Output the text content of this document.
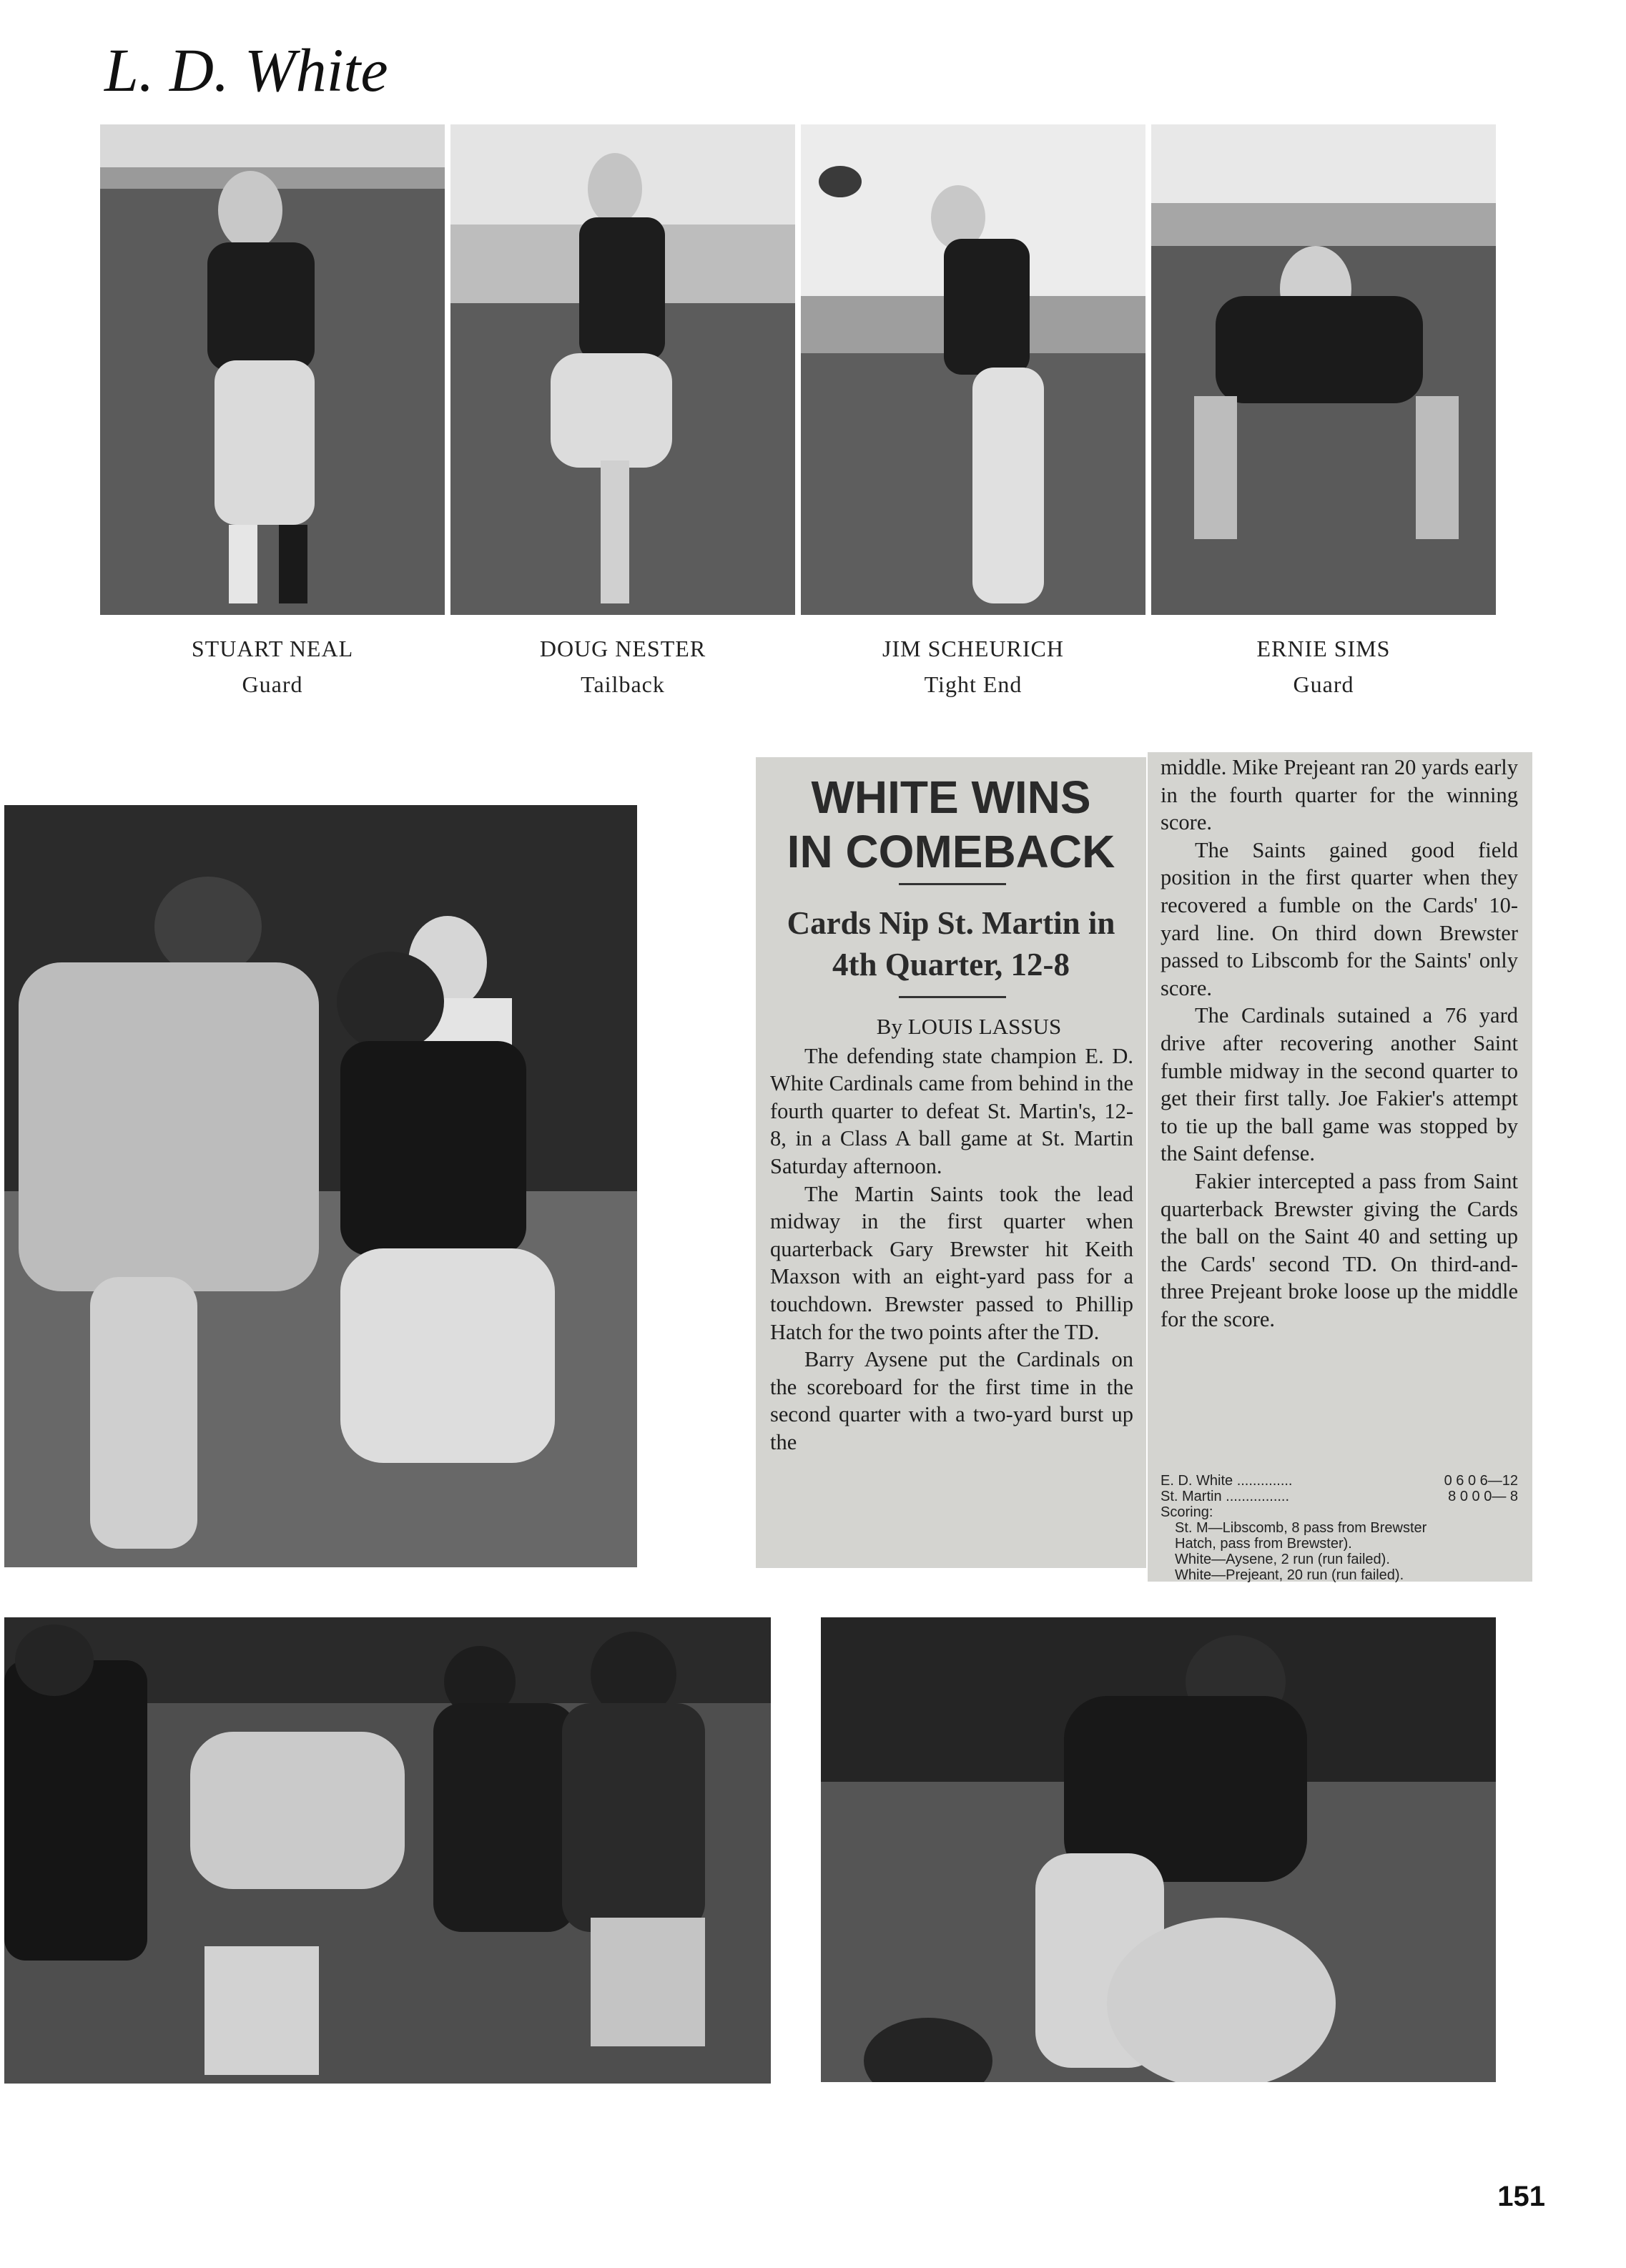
L. D. White
STUART NEAL
Guard
DOUG NESTER
Tailback
JIM SCHEURICH
Tight End
ERNIE SIMS
Guard
WHITE WINS
IN COMEBACK
Cards Nip St. Martin in
4th Quarter, 12-8

By LOUIS LASSUS

The defending state champion E. D. White Cardinals came from behind in the fourth quarter to defeat St. Martin's, 12-8, in a Class A ball game at St. Martin Saturday afternoon.

The Martin Saints took the lead midway in the first quarter when quarterback Gary Brewster hit Keith Maxson with an eight-yard pass for a touchdown. Brewster passed to Phillip Hatch for the two points after the TD.

Barry Aysene put the Cardinals on the scoreboard for the first time in the second quarter with a two-yard burst up the

middle. Mike Prejeant ran 20 yards early in the fourth quarter for the winning score.

The Saints gained good field position in the first quarter when they recovered a fumble on the Cards' 10-yard line. On third down Brewster passed to Libscomb for the Saints' only score.

The Cardinals sutained a 76 yard drive after recovering another Saint fumble midway in the second quarter to get their first tally. Joe Fakier's attempt to tie up the ball game was stopped by the Saint defense.

Fakier intercepted a pass from Saint quarterback Brewster giving the Cards the ball on the Saint 40 and setting up the Cards' second TD. On third-and-three Prejeant broke loose up the middle for the score.

E. D. White ..............	0 6 0 6—12
St. Martin ................	8 0 0 0— 8
Scoring:
St. M—Libscomb, 8 pass from Brewster
Hatch, pass from Brewster).
White—Aysene, 2 run (run failed).
White—Prejeant, 20 run (run failed).
151
